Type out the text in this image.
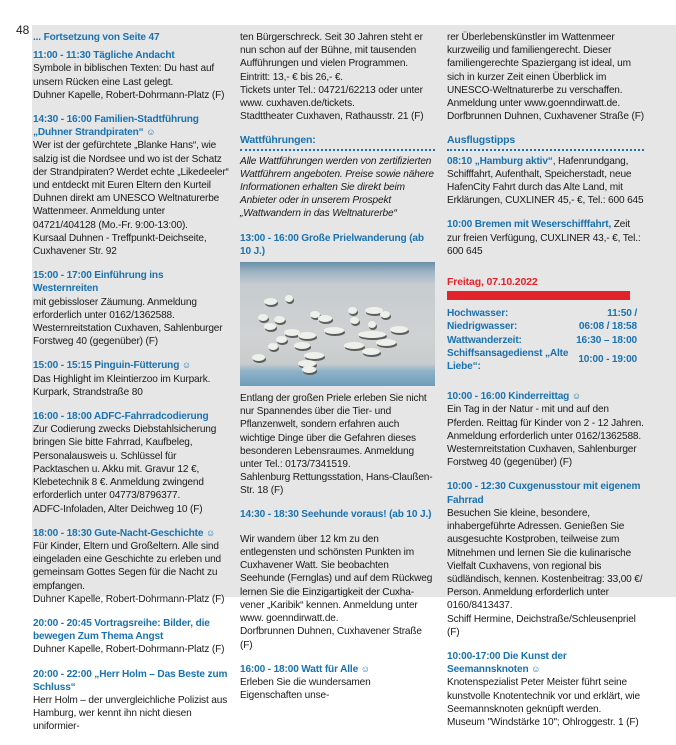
48

... Fortsetzung von Seite 47

11:00 - 11:30 Tägliche Andacht

Symbole in biblischen Texten: Du hast auf unsern Rücken eine Last gelegt.

Duhner Kapelle, Robert-Dohrmann-Platz (F)

14:30 - 16:00 Familien-Stadtführung „Duhner Strandpiraten“ ☺

Wer ist der gefürchtete „Blanke Hans“, wie salzig ist die Nordsee und wo ist der Schatz der Strandpiraten? Werdet echte „Likedeeler“ und entdeckt mit Euren Eltern den Kurteil Duhnen direkt am UNESCO Weltnaturerbe Wattenmeer. Anmeldung unter 04721/404128 (Mo.-Fr. 9:00-13:00).

Kursaal Duhnen - Treffpunkt-Deichseite, Cuxhavener Str. 92

15:00 - 17:00 Einführung ins Westernreiten

mit gebissloser Zäumung. Anmeldung erforderlich unter 0162/1362588.

Westernreitstation Cuxhaven, Sahlenburger Forstweg 40 (gegenüber) (F)

15:00 - 15:15 Pinguin-Fütterung ☺

Das Highlight im Kleintierzoo im Kurpark.

Kurpark, Strandstraße 80

16:00 - 18:00 ADFC-Fahrradcodierung

Zur Codierung zwecks Diebstahlsicherung bringen Sie bitte Fahrrad, Kaufbeleg, Personalausweis u. Schlüssel für Packtaschen u. Akku mit. Gravur 12 €, Klebetechnik 8 €. Anmeldung zwingend erforderlich unter 04773/8796377.

ADFC-Infoladen, Alter Deichweg 10 (F)

18:00 - 18:30 Gute-Nacht-Geschichte ☺

Für Kinder, Eltern und Großeltern. Alle sind eingeladen eine Geschichte zu erleben und gemeinsam Gottes Segen für die Nacht zu empfangen.

Duhner Kapelle, Robert-Dohrmann-Platz (F)

20:00 - 20:45 Vortragsreihe: Bilder, die bewegen Zum Thema Angst

Duhner Kapelle, Robert-Dohrmann-Platz (F)

20:00 - 22:00 „Herr Holm – Das Beste zum Schluss“

Herr Holm – der unvergleichliche Polizist aus Hamburg, wer kennt ihn nicht diesen uniformier-

ten Bürgerschreck. Seit 30 Jahren steht er nun schon auf der Bühne, mit tausenden Aufführungen und vielen Programmen. Eintritt: 13,- € bis 26,- €.

Tickets unter Tel.: 04721/62213 oder unter www. cuxhaven.de/tickets.

Stadttheater Cuxhaven, Rathausstr. 21 (F)

Wattführungen:
Alle Wattführungen werden von zertifizierten Wattführern angeboten. Preise sowie nähere Informationen erhalten Sie direkt beim Anbieter oder in unserem Prospekt „Wattwandern in das Weltnaturerbe“

13:00 - 16:00 Große Prielwanderung (ab 10 J.)

Entlang der großen Priele erleben Sie nicht nur Spannendes über die Tier- und Pflanzenwelt, sondern erfahren auch wichtige Dinge über die Gefahren dieses besonderen Lebensraumes. Anmeldung unter Tel.: 0173/7341519.

Sahlenburg Rettungsstation, Hans-Claußen-Str. 18 (F)

14:30 - 18:30 Seehunde voraus! (ab 10 J.)

Wir wandern über 12 km zu den entlegensten und schönsten Punkten im Cuxhavener Watt. Sie beobachten Seehunde (Fernglas) und auf dem Rückweg lernen Sie die Einzigartigkeit der Cuxhavener „Karibik“ kennen. Anmeldung unter www. goenndirwatt.de.

Dorfbrunnen Duhnen, Cuxhavener Straße (F)

16:00 - 18:00 Watt für Alle ☺

Erleben Sie die wundersamen Eigenschaften unse-

rer Überlebenskünstler im Wattenmeer kurzweilig und familiengerecht. Dieser familiengerechte Spaziergang ist ideal, um sich in kurzer Zeit einen Überblick im UNESCO-Weltnaturerbe zu verschaffen. Anmeldung unter www.goenndirwatt.de.

Dorfbrunnen Duhnen, Cuxhavener Straße (F)

Ausflugstipps

08:10 „Hamburg aktiv“, Hafenrundgang, Schifffahrt, Aufenthalt, Speicherstadt, neue HafenCity Fahrt durch das Alte Land, mit Erklärungen, CUXLINER 45,- €, Tel.: 600 645

10:00 Bremen mit Weserschifffahrt, Zeit zur freien Verfügung, CUXLINER 43,- €, Tel.: 600 645

Freitag, 07.10.2022
Hochwasser:	11:50 /
Niedrigwasser:	06:08 / 18:58
Wattwanderzeit:	16:30 – 18:00
Schiffsansagedienst „Alte Liebe“:	10:00 - 19:00

10:00 - 16:00 Kinderreittag ☺

Ein Tag in der Natur - mit und auf den Pferden. Reittag für Kinder von 2 - 12 Jahren. Anmeldung erforderlich unter 0162/1362588.

Westernreitstation Cuxhaven, Sahlenburger Forstweg 40 (gegenüber) (F)

10:00 - 12:30 Cuxgenusstour mit eigenem Fahrrad

Besuchen Sie kleine, besondere, inhabergeführte Adressen. Genießen Sie ausgesuchte Kostproben, teilweise zum Mitnehmen und lernen Sie die kulinarische Vielfalt Cuxhavens, von regional bis südländisch, kennen. Kostenbeitrag: 33,00 €/ Person. Anmeldung erforderlich unter 0160/8413437.

Schiff Hermine, Deichstraße/Schleusenpriel (F)

10:00-17:00 Die Kunst der Seemannsknoten ☺

Knotenspezialist Peter Meister führt seine kunstvolle Knotentechnik vor und erklärt, wie Seemannsknoten geknüpft werden.

Museum "Windstärke 10"; Ohlroggestr. 1 (F)
